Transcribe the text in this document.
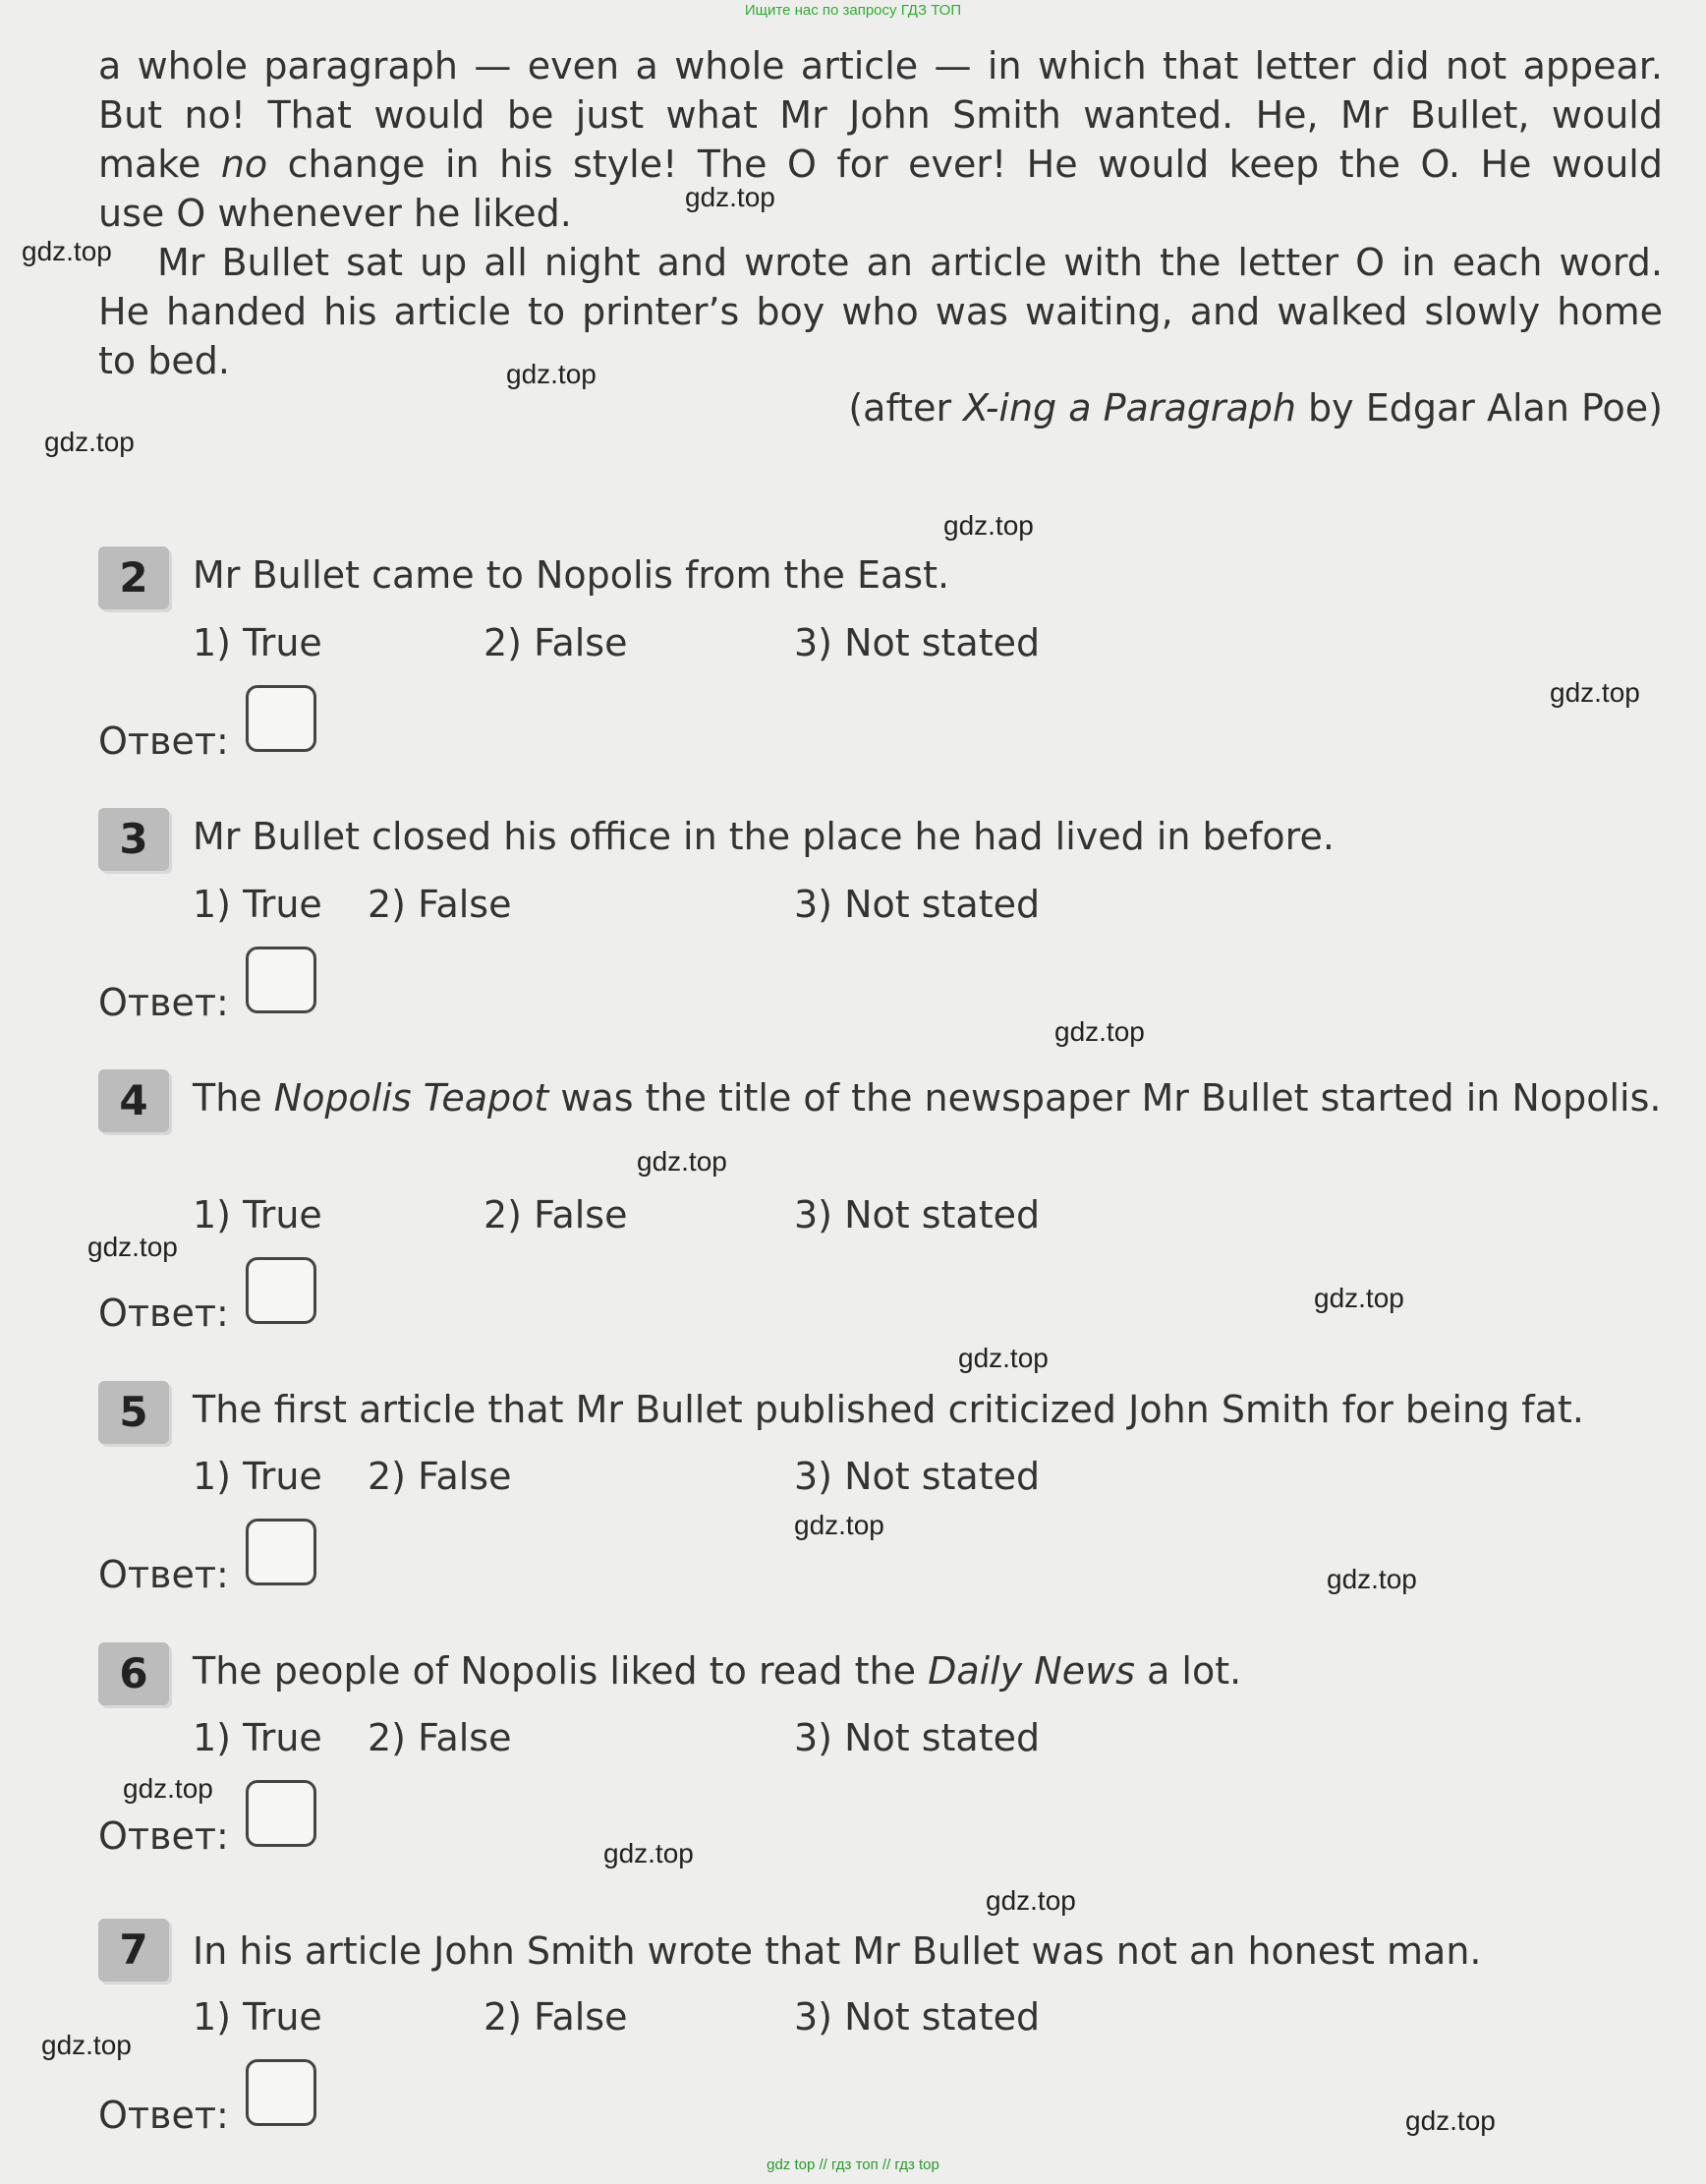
Ищите нас по запросу ГДЗ ТОП
a whole paragraph — even a whole article — in which that letter did not appear.
But no! That would be just what Mr John Smith wanted. He, Mr Bullet, would
make no change in his style! The O for ever! He would keep the O. He would
use O whenever he liked.
Mr Bullet sat up all night and wrote an article with the letter O in each word.
He handed his article to printer’s boy who was waiting, and walked slowly home
to bed.
(after X-ing a Paragraph by Edgar Alan Poe)
2	Mr Bullet came to Nopolis from the East.
1) True	2) False	3) Not stated
Ответ:
3	Mr Bullet closed his office in the place he had lived in before.
1) True 2) False	3) Not stated
Ответ:
4	The Nopolis Teapot was the title of the newspaper Mr Bullet started in Nopolis.
1) True	2) False	3) Not stated
Ответ:
5	The first article that Mr Bullet published criticized John Smith for being fat.
1) True 2) False	3) Not stated
Ответ:
6	The people of Nopolis liked to read the Daily News a lot.
1) True 2) False	3) Not stated
Ответ:
7	In his article John Smith wrote that Mr Bullet was not an honest man.
1) True	2) False	3) Not stated
Ответ:
gdz.top
gdz.top
gdz.top
gdz.top
gdz.top
gdz.top
gdz.top
gdz.top
gdz.top
gdz.top
gdz.top
gdz.top
gdz.top
gdz.top
gdz.top
gdz.top
gdz.top
gdz.top
gdz top // гдз топ // гдз top
